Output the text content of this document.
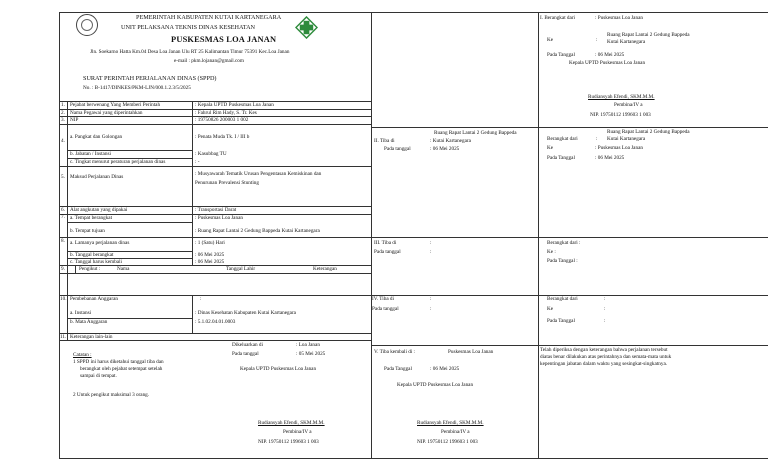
PEMERINTAH KABUPATEN KUTAI KARTANEGARA
UNIT PELAKSANA TEKNIS DINAS KESEHATAN
PUSKESMAS LOA JANAN
Jln. Soekarno Hatta Km.04 Desa Loa Janan Ulu RT 25 Kalimantan Timur 75391 Kec.Loa Janan
e-mail : pkm.lojanan@gmail.com
SURAT PERINTAH PERJALANAN DINAS (SPPD)
No. : B-1417/DINKES/PKM-LJN/000.1.2.3/5/2025
1. Pejabat berwenang Yang Memberi Perintah	: Kepala UPTD Puskesmas Loa Janan
2. Nama Pegawai yang diperintahkan	: Fahrul Rim Hady, S. Tr. Kes
3. NIP	: 19750826 200003 1 002
4.
a. Pangkat dan Golongan	: Penata Muda Tk. I / III b
b. Jabatan / Instansi	: Kasubbag TU
c. Tingkat menurut peraturan perjalanan dinas	: -
5. Maksud Perjalanan Dinas	: Musyawarah Tematik Urusan Pengentasan Kemiskinan dan
Penurunan Prevalensi Stunting
6. Alat angkutan yang dipakai	: Transportasi Darat
7. a. Tempat berangkat	: Puskesmas Loa Janan
b. Tempat tujuan	: Ruang Rapat Lantai 2 Gedung Bappeda Kutai Kartanegara
8. a. Lamanya perjalanan dinas	: 1 (Satu) Hari
b. Tanggal berangkat	: 06 Mei 2025
c. Tanggal harus kembali	: 06 Mei 2025
9.	Pengikut :	Nama	Tanggal Lahir	Keterangan
10. Pembebanan Anggaran	:
a. Instansi	: Dinas Kesehatan Kabupaten Kutai Kartanegara
b. Mata Anggaran	: 5.1.02.04.01.0003
11. Keterangan lain-lain
Dikeluarkan di	: Loa Janan
Pada tanggal	: 05 Mei 2025
Catatan :
1 SPPD ini harus diketahui tanggal tiba dan
berangkat oleh pejabat setempat setelah
sampai di tempat.
2 Untuk pengikut maksimal 3 orang.
Kepala UPTD Puskesmas Loa Janan
Rudiansyah Efendi, SKM.M.M.
Pembina/IV a
NIP. 19750112 199603 1 003
I. Berangkat dari	: Puskesmas Loa Janan
Ke	:
Ruang Rapat Lantai 2 Gedung Bappeda
Kutai Kartanegara
Pada Tanggal	: 06 Mei 2025
Kepala UPTD Puskesmas Loa Janan
Rudiansyah Efendi, SKM.M.M.
Pembina/IV a
NIP. 19750112 199603 1 003
II. Tiba di
Ruang Rapat Lantai 2 Gedung Bappeda
: Kutai Kartanegara
Pada tanggal	: 06 Mei 2025
Berangkat dari	:
Ruang Rapat Lantai 2 Gedung Bappeda
Kutai Kartanegara
Ke	: Puskesmas Loa Janan
Pada Tanggal	: 06 Mei 2025
III. Tiba di	:
Pada tanggal	:
Berangkat dari :
Ke :
Pada Tanggal :
IV. Tiba di	:
Pada tanggal	:
Berangkat dari	:
Ke	:
Pada Tanggal	:
V. Tiba kembali di :	Puskesmas Loa Janan
Pada Tanggal	: 06 Mei 2025
Kepala UPTD Puskesmas Loa Janan
Rudiansyah Efendi, SKM.M.M.
Pembina/IV a
NIP. 19750112 199603 1 003
Telah diperiksa dengan keterangan bahwa perjalanan tersebut
diatas benar dilakukan atas perintahnya dan semata-mata untuk
kepentingan jabatan dalam waktu yang sesingkat-singkatnya.
